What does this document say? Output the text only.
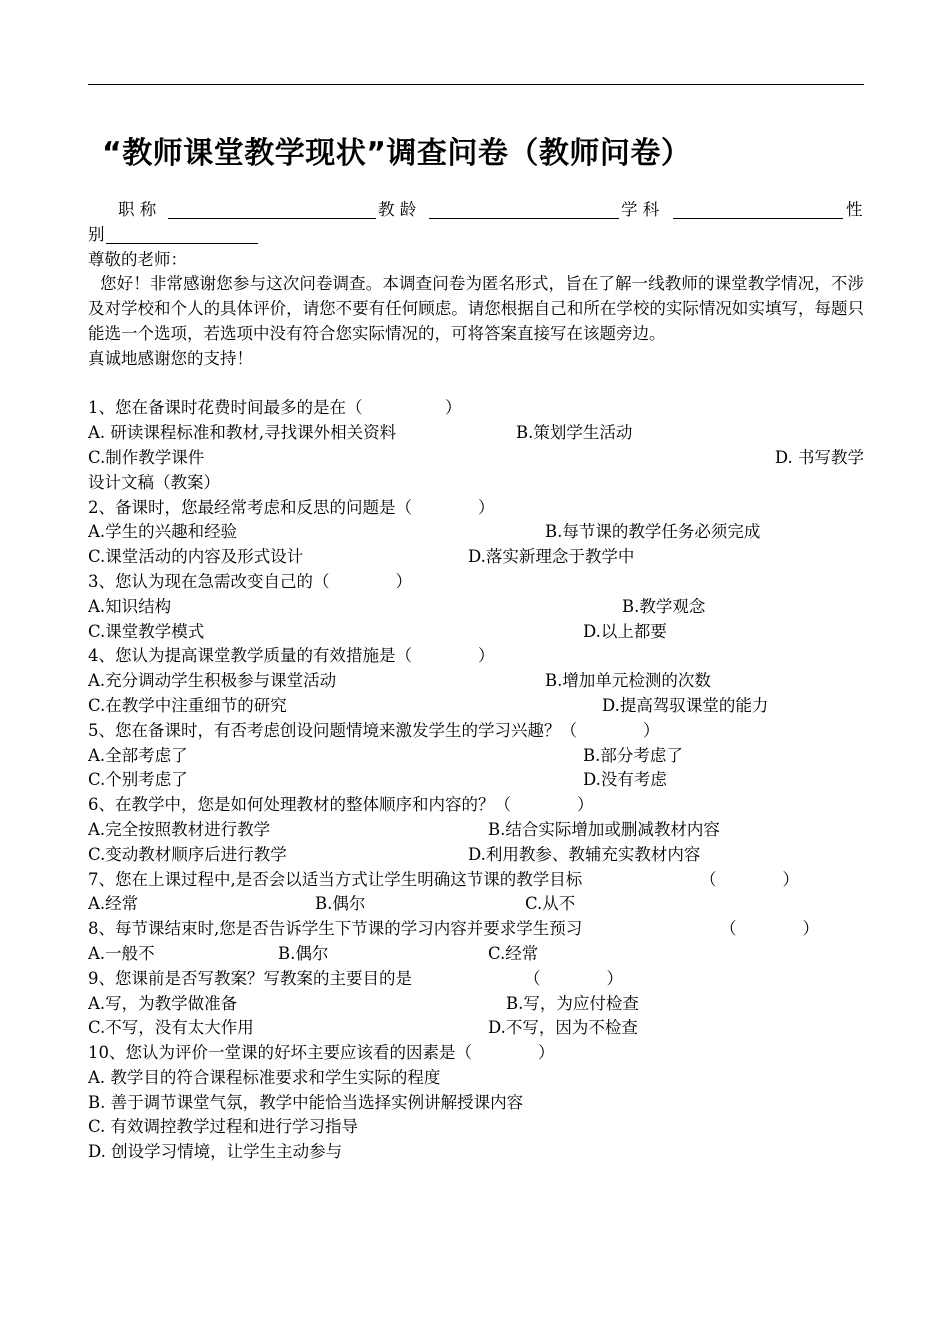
“教师课堂教学现状”调查问卷（教师问卷）
职 称	教 龄	学 科	性
别
尊敬的老师：
您好！非常感谢您参与这次问卷调查。本调查问卷为匿名形式，旨在了解一线教师的课堂教学情况，不涉及对学校和个人的具体评价，请您不要有任何顾虑。请您根据自己和所在学校的实际情况如实填写，每题只能选一个选项，若选项中没有符合您实际情况的，可将答案直接写在该题旁边。
真诚地感谢您的支持！
1、您在备课时花费时间最多的是在（　　　　　）
A. 研读课程标准和教材,寻找课外相关资料	B.策划学生活动
C.制作教学课件	D. 书写教学
设计文稿（教案）
2、备课时，您最经常考虑和反思的问题是（　　　　）
A.学生的兴趣和经验	B.每节课的教学任务必须完成
C.课堂活动的内容及形式设计	D.落实新理念于教学中
3、您认为现在急需改变自己的（　　　　）
A.知识结构	B.教学观念
C.课堂教学模式	D.以上都要
4、您认为提高课堂教学质量的有效措施是（　　　　）
A.充分调动学生积极参与课堂活动	B.增加单元检测的次数
C.在教学中注重细节的研究	D.提高驾驭课堂的能力
5、您在备课时，有否考虑创设问题情境来激发学生的学习兴趣？（　　　　）
A.全部考虑了	B.部分考虑了
C.个别考虑了	D.没有考虑
6、在教学中，您是如何处理教材的整体顺序和内容的？（　　　　）
A.完全按照教材进行教学	B.结合实际增加或删减教材内容
C.变动教材顺序后进行教学	D.利用教参、教辅充实教材内容
7、您在上课过程中,是否会以适当方式让学生明确这节课的教学目标	（　　　　）
A.经常	B.偶尔	C.从不
8、每节课结束时,您是否告诉学生下节课的学习内容并要求学生预习	（　　　　）
A.一般不	B.偶尔	C.经常
9、您课前是否写教案？写教案的主要目的是	（　　　　）
A.写，为教学做准备	B.写，为应付检查
C.不写，没有太大作用	D.不写，因为不检查
10、您认为评价一堂课的好坏主要应该看的因素是（　　　　）
A. 教学目的符合课程标准要求和学生实际的程度
B. 善于调节课堂气氛，教学中能恰当选择实例讲解授课内容
C. 有效调控教学过程和进行学习指导
D. 创设学习情境，让学生主动参与
